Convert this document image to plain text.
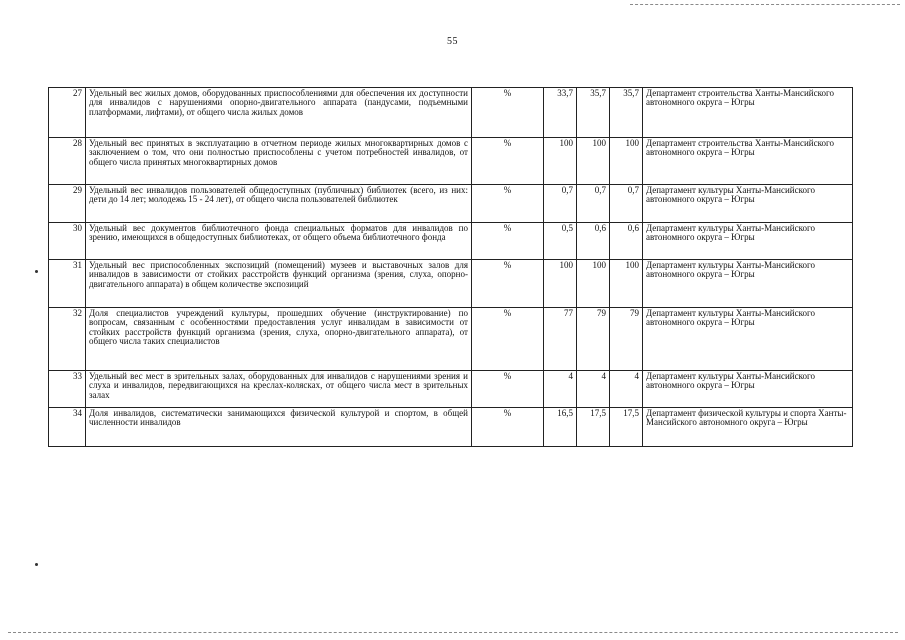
55
27	Удельный вес жилых домов, оборудованных приспособлениями для обеспечения их доступности для инвалидов с нарушениями опорно-двигательного аппарата (пандусами, подъемными платформами, лифтами), от общего числа жилых домов	%	33,7	35,7	35,7	Департамент строительства Ханты-Мансийского автономного округа – Югры
28	Удельный вес принятых в эксплуатацию в отчетном периоде жилых многоквартирных домов с заключением о том, что они полностью приспособлены с учетом потребностей инвалидов, от общего числа принятых многоквартирных домов	%	100	100	100	Департамент строительства Ханты-Мансийского автономного округа – Югры
29	Удельный вес инвалидов пользователей общедоступных (публичных) библиотек (всего, из них: дети до 14 лет; молодежь 15 - 24 лет), от общего числа пользователей библиотек	%	0,7	0,7	0,7	Департамент культуры Ханты-Мансийского автономного округа – Югры
30	Удельный вес документов библиотечного фонда специальных форматов для инвалидов по зрению, имеющихся в общедоступных библиотеках, от общего объема библиотечного фонда	%	0,5	0,6	0,6	Департамент культуры Ханты-Мансийского автономного округа – Югры
31	Удельный вес приспособленных экспозиций (помещений) музеев и выставочных залов для инвалидов в зависимости от стойких расстройств функций организма (зрения, слуха, опорно-двигательного аппарата) в общем количестве экспозиций	%	100	100	100	Департамент культуры Ханты-Мансийского автономного округа – Югры
32	Доля специалистов учреждений культуры, прошедших обучение (инструктирование) по вопросам, связанным с особенностями предоставления услуг инвалидам в зависимости от стойких расстройств функций организма (зрения, слуха, опорно-двигательного аппарата), от общего числа таких специалистов	%	77	79	79	Департамент культуры Ханты-Мансийского автономного округа – Югры
33	Удельный вес мест в зрительных залах, оборудованных для инвалидов с нарушениями зрения и слуха и инвалидов, передвигающихся на креслах-колясках, от общего числа мест в зрительных залах	%	4	4	4	Департамент культуры Ханты-Мансийского автономного округа – Югры
34	Доля инвалидов, систематически занимающихся физической культурой и спортом, в общей численности инвалидов	%	16,5	17,5	17,5	Департамент физической культуры и спорта Ханты-Мансийского автономного округа – Югры
